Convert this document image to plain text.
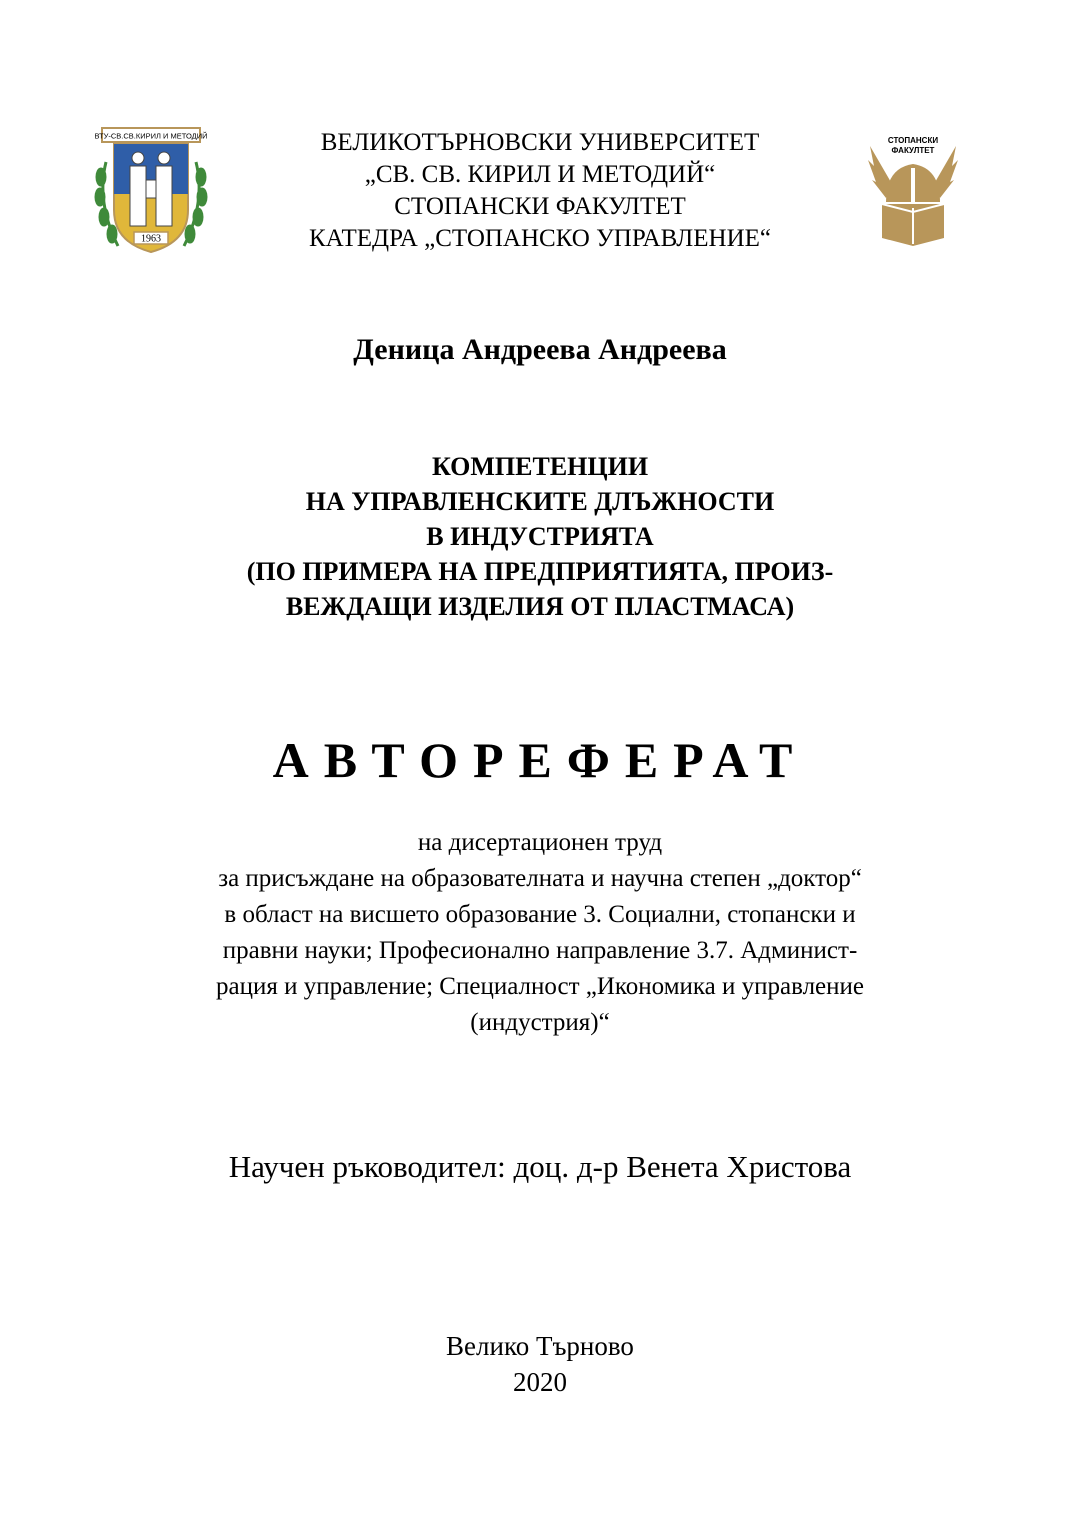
ВТУ-СВ.СВ.КИРИЛ И МЕТОДИЙ
1963
СТОПАНСКИ
ФАКУЛТЕТ
ВЕЛИКОТЪРНОВСКИ УНИВЕРСИТЕТ
„СВ. СВ. КИРИЛ И МЕТОДИЙ“
СТОПАНСКИ ФАКУЛТЕТ
КАТЕДРА „СТОПАНСКО УПРАВЛЕНИЕ“
Деница Андреева Андреева
КОМПЕТЕНЦИИ
НА УПРАВЛЕНСКИТЕ ДЛЪЖНОСТИ
В ИНДУСТРИЯТА
(ПО ПРИМЕРА НА ПРЕДПРИЯТИЯТА, ПРОИЗ-
ВЕЖДАЩИ ИЗДЕЛИЯ ОТ ПЛАСТМАСА)
АВТОРЕФЕРАТ
на дисертационен труд
за присъждане на образователната и научна степен „доктор“
в област на висшето образование 3. Социални, стопански и
правни науки; Професионално направление 3.7. Админист-
рация и управление; Специалност „Икономика и управление
(индустрия)“
Научен ръководител: доц. д-р Венета Христова
Велико Търново
2020
